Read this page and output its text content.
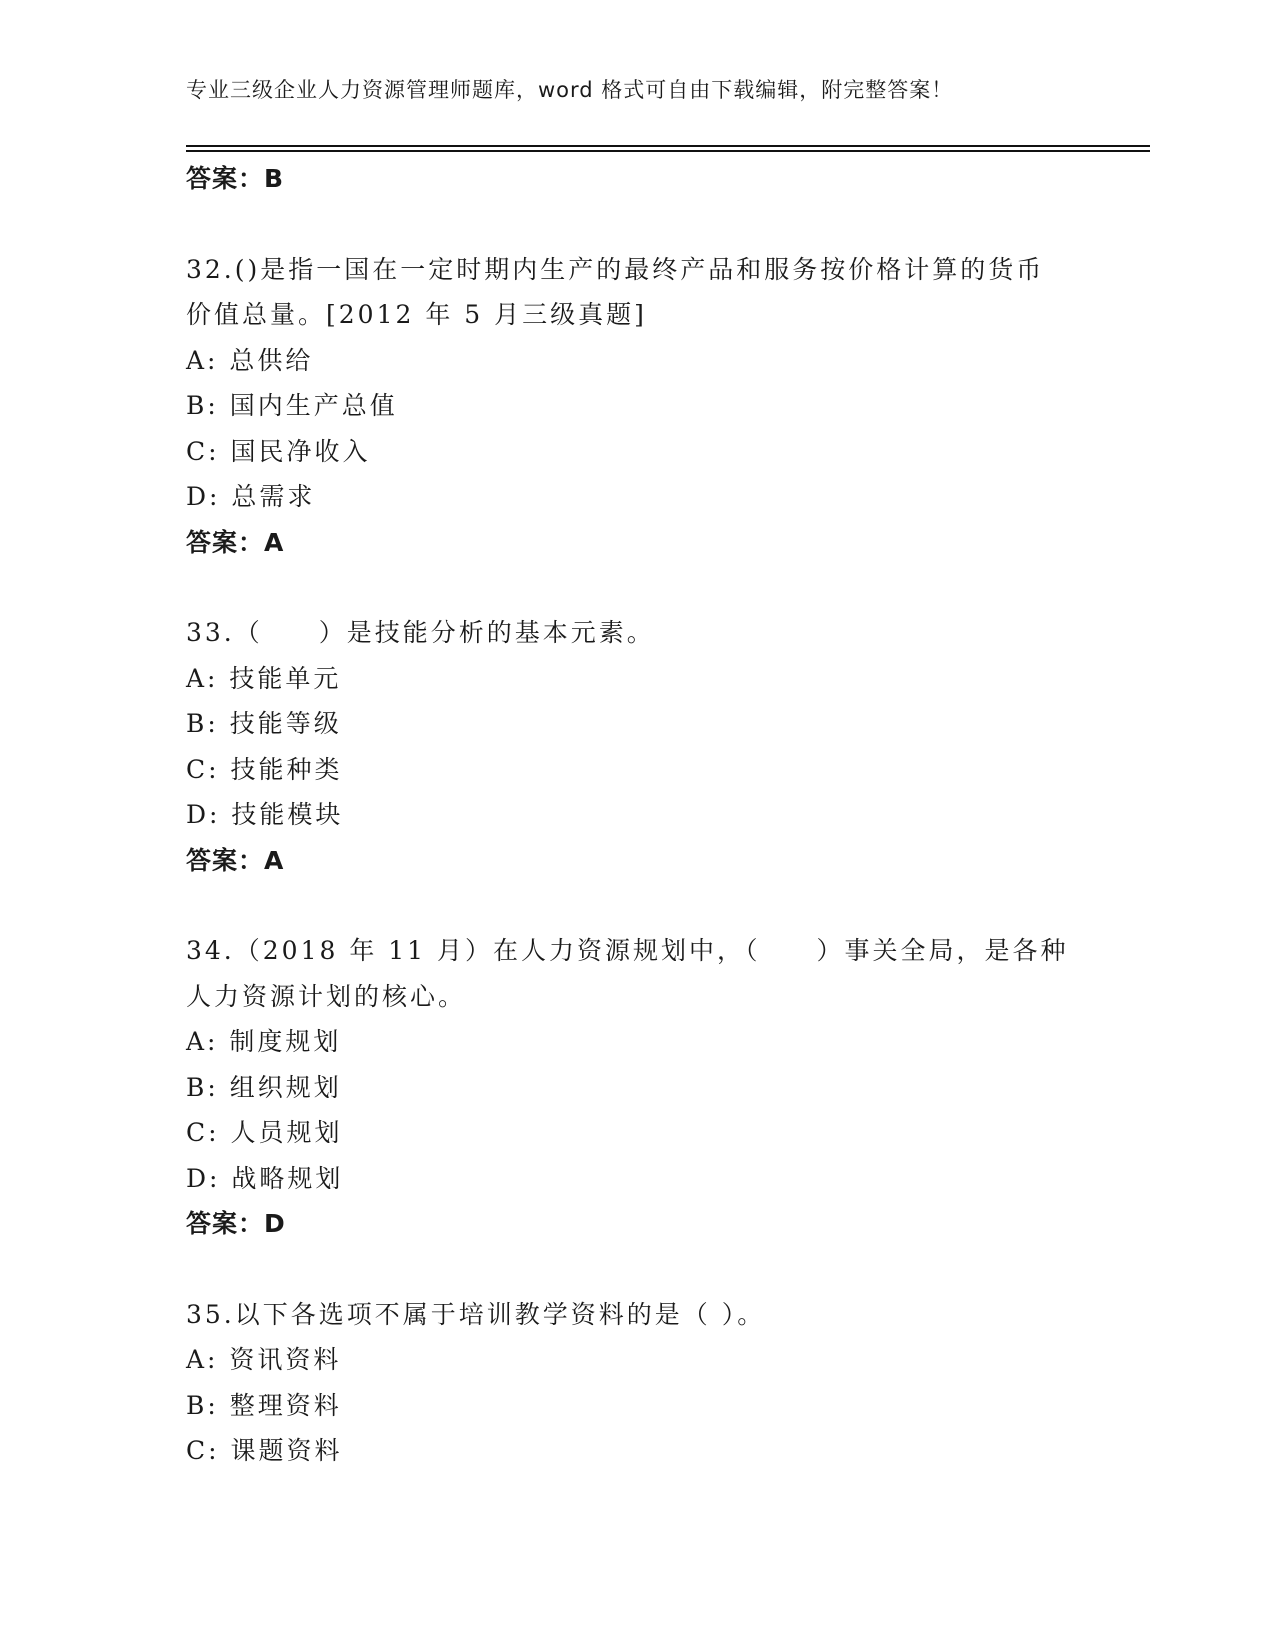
专业三级企业人力资源管理师题库，word 格式可自由下载编辑，附完整答案！
答案：B
32.()是指一国在一定时期内生产的最终产品和服务按价格计算的货币
价值总量。[2012 年 5 月三级真题]
A: 总供给
B: 国内生产总值
C: 国民净收入
D: 总需求
答案：A
33.（　　）是技能分析的基本元素。
A: 技能单元
B: 技能等级
C: 技能种类
D: 技能模块
答案：A
34.（2018 年 11 月）在人力资源规划中，（　　）事关全局，是各种
人力资源计划的核心。
A: 制度规划
B: 组织规划
C: 人员规划
D: 战略规划
答案：D
35.以下各选项不属于培训教学资料的是（ ）。
A: 资讯资料
B: 整理资料
C: 课题资料
